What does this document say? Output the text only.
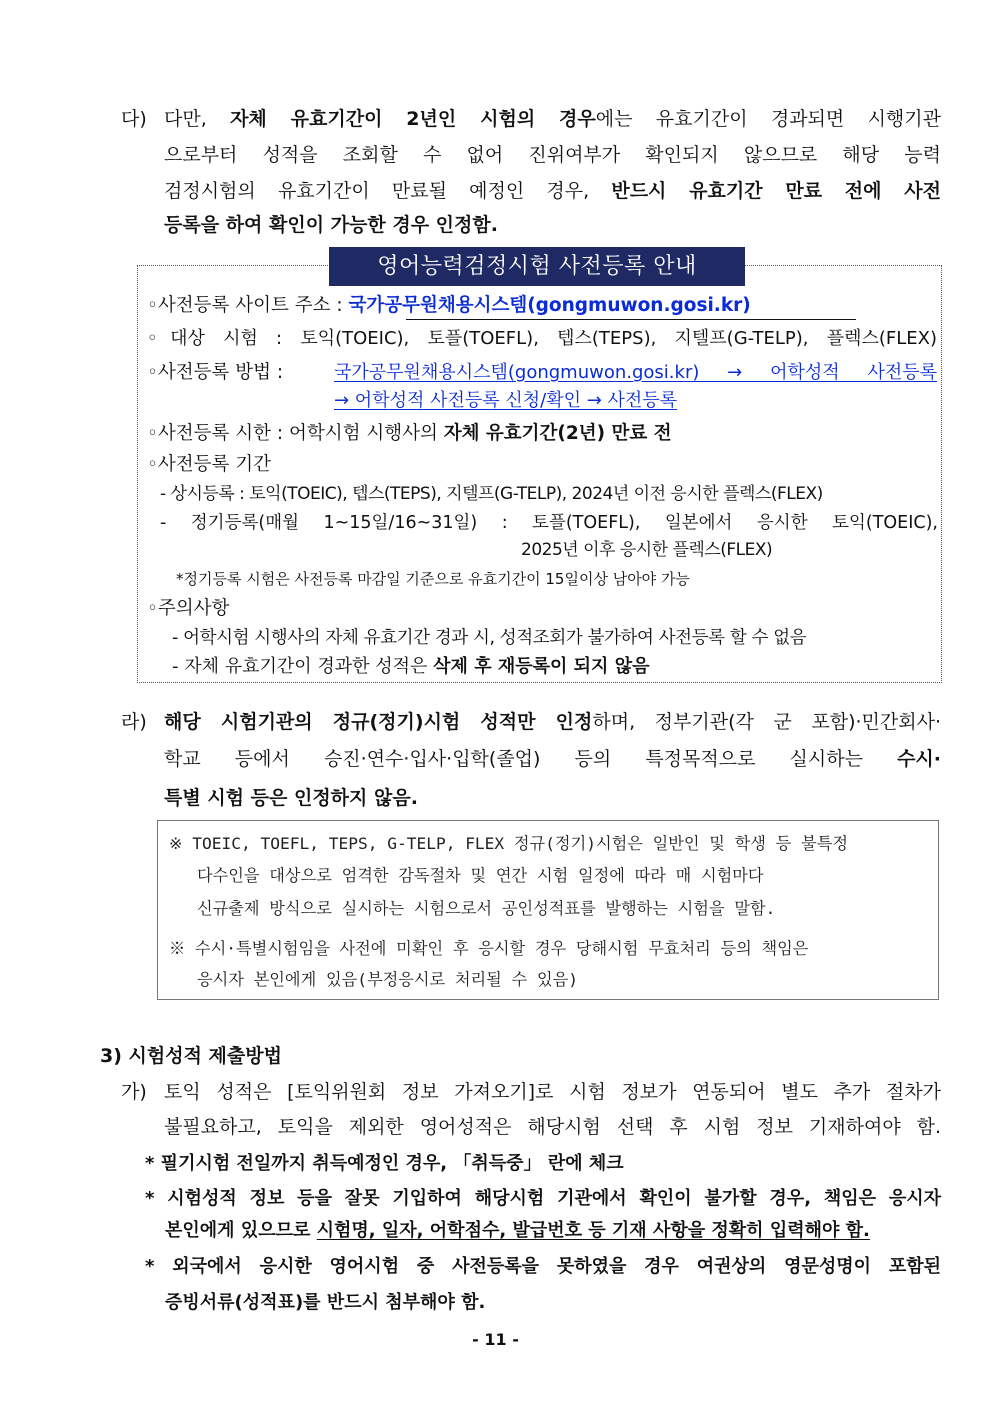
다) 다만, 자체 유효기간이 2년인 시험의 경우에는 유효기간이 경과되면 시행기관
으로부터 성적을 조회할 수 없어 진위여부가 확인되지 않으므로 해당 능력
검정시험의 유효기간이 만료될 예정인 경우, 반드시 유효기간 만료 전에 사전
등록을 하여 확인이 가능한 경우 인정함.
영어능력검정시험 사전등록 안내
◦사전등록 사이트 주소 : 국가공무원채용시스템(gongmuwon.gosi.kr)
◦대상 시험 : 토익(TOEIC), 토플(TOEFL), 텝스(TEPS), 지텔프(G-TELP), 플렉스(FLEX)
◦사전등록 방법 :	국가공무원채용시스템(gongmuwon.gosi.kr) → 어학성적 사전등록
→ 어학성적 사전등록 신청/확인 → 사전등록
◦사전등록 시한 : 어학시험 시행사의 자체 유효기간(2년) 만료 전
◦사전등록 기간
- 상시등록 : 토익(TOEIC), 텝스(TEPS), 지텔프(G-TELP), 2024년 이전 응시한 플렉스(FLEX)
- 정기등록(매월 1~15일/16~31일) : 토플(TOEFL), 일본에서 응시한 토익(TOEIC),
2025년 이후 응시한 플렉스(FLEX)
*정기등록 시험은 사전등록 마감일 기준으로 유효기간이 15일이상 남아야 가능
◦주의사항
- 어학시험 시행사의 자체 유효기간 경과 시, 성적조회가 불가하여 사전등록 할 수 없음
- 자체 유효기간이 경과한 성적은 삭제 후 재등록이 되지 않음
라) 해당 시험기관의 정규(정기)시험 성적만 인정하며, 정부기관(각 군 포함)·민간회사·
학교 등에서 승진·연수·입사·입학(졸업) 등의 특정목적으로 실시하는 수시·
특별 시험 등은 인정하지 않음.
※ TOEIC, TOEFL, TEPS, G-TELP, FLEX 정규(정기)시험은 일반인 및 학생 등 불특정
다수인을 대상으로 엄격한 감독절차 및 연간 시험 일정에 따라 매 시험마다
신규출제 방식으로 실시하는 시험으로서 공인성적표를 발행하는 시험을 말함.
※ 수시·특별시험임을 사전에 미확인 후 응시할 경우 당해시험 무효처리 등의 책임은
응시자 본인에게 있음(부정응시로 처리될 수 있음)
3) 시험성적 제출방법
가) 토익 성적은 [토익위원회 정보 가져오기]로 시험 정보가 연동되어 별도 추가 절차가
불필요하고, 토익을 제외한 영어성적은 해당시험 선택 후 시험 정보 기재하여야 함.
* 필기시험 전일까지 취득예정인 경우, 「취득중」 란에 체크
* 시험성적 정보 등을 잘못 기입하여 해당시험 기관에서 확인이 불가할 경우, 책임은 응시자
본인에게 있으므로 시험명, 일자, 어학점수, 발급번호 등 기재 사항을 정확히 입력해야 함.
* 외국에서 응시한 영어시험 중 사전등록을 못하였을 경우 여권상의 영문성명이 포함된
증빙서류(성적표)를 반드시 첨부해야 함.
- 11 -
